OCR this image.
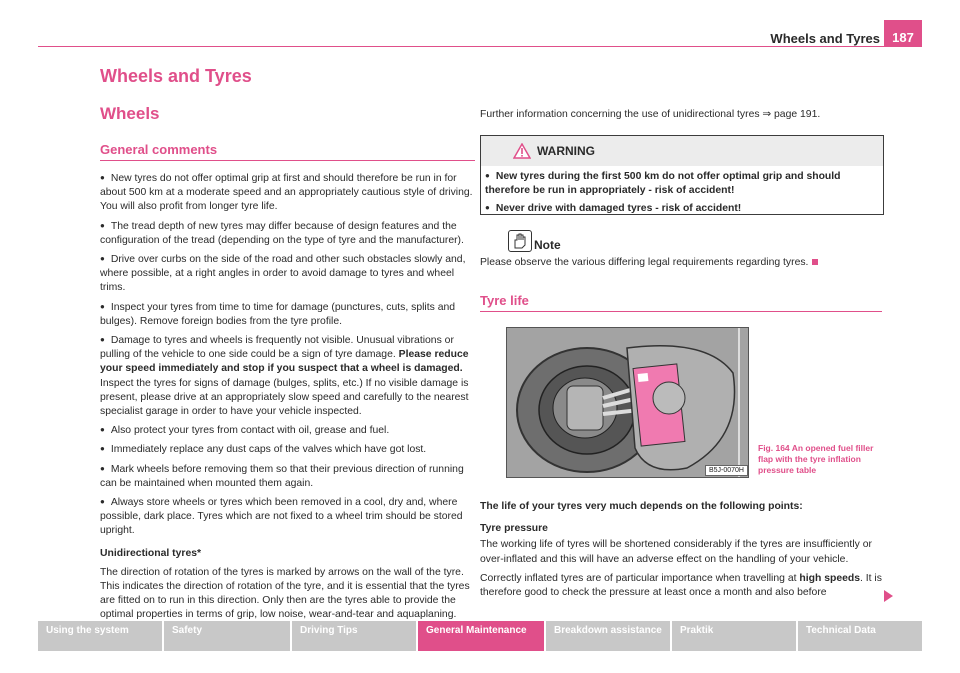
Wheels and Tyres 187
Wheels and Tyres
Wheels
General comments

● New tyres do not offer optimal grip at first and should therefore be run in for about 500 km at a moderate speed and an appropriately cautious style of driving. You will also profit from longer tyre life.

● The tread depth of new tyres may differ because of design features and the configuration of the tread (depending on the type of tyre and the manufacturer).

● Drive over curbs on the side of the road and other such obstacles slowly and, where possible, at a right angles in order to avoid damage to tyres and wheel trims.

● Inspect your tyres from time to time for damage (punctures, cuts, splits and bulges). Remove foreign bodies from the tyre profile.

● Damage to tyres and wheels is frequently not visible. Unusual vibrations or pulling of the vehicle to one side could be a sign of tyre damage. Please reduce your speed immediately and stop if you suspect that a wheel is damaged. Inspect the tyres for signs of damage (bulges, splits, etc.) If no visible damage is present, please drive at an appropriately slow speed and carefully to the nearest specialist garage in order to have your vehicle inspected.

● Also protect your tyres from contact with oil, grease and fuel.

● Immediately replace any dust caps of the valves which have got lost.

● Mark wheels before removing them so that their previous direction of running can be maintained when mounted them again.

● Always store wheels or tyres which been removed in a cool, dry and, where possible, dark place. Tyres which are not fixed to a wheel trim should be stored upright.

Unidirectional tyres*

The direction of rotation of the tyres is marked by arrows on the wall of the tyre. This indicates the direction of rotation of the tyre, and it is essential that the tyres are fitted on to run in this direction. Only then are the tyres able to provide the optimal properties in terms of grip, low noise, wear-and-tear and aquaplaning.

Further information concerning the use of unidirectional tyres ⇒ page 191.
WARNING

● New tyres during the first 500 km do not offer optimal grip and should therefore be run in appropriately - risk of accident!

● Never drive with damaged tyres - risk of accident!

Note
Please observe the various differing legal requirements regarding tyres.
Tyre life
B5J-0070H
Fig. 164 An opened fuel filler flap with the tyre inflation pressure table

The life of your tyres very much depends on the following points:

Tyre pressure

The working life of tyres will be shortened considerably if the tyres are insufficiently or over-inflated and this will have an adverse effect on the handling of your vehicle.

Correctly inflated tyres are of particular importance when travelling at high speeds. It is therefore good to check the pressure at least once a month and also before

Using the system	Safety	Driving Tips	General Maintenance	Breakdown assistance	Praktik	Technical Data
